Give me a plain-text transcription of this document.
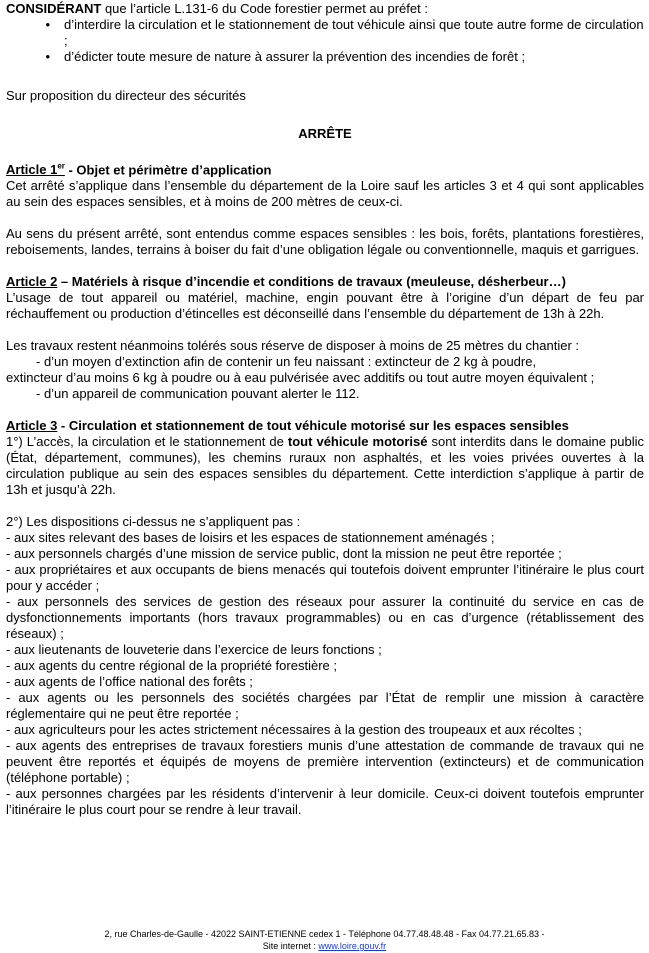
CONSIDÉRANT que l’article L.131-6 du Code forestier permet au préfet :

•	d’interdire la circulation et le stationnement de tout véhicule ainsi que toute autre forme de circulation ;
•	d’édicter toute mesure de nature à assurer la prévention des incendies de forêt ;

Sur proposition du directeur des sécurités

ARRÊTE

Article 1er - Objet et périmètre d’application

Cet arrêté s’applique dans l’ensemble du département de la Loire sauf les articles 3 et 4 qui sont applicables au sein des espaces sensibles, et à moins de 200 mètres de ceux-ci.

Au sens du présent arrêté, sont entendus comme espaces sensibles : les bois, forêts, plantations forestières, reboisements, landes, terrains à boiser du fait d’une obligation légale ou conventionnelle, maquis et garrigues.

Article 2 – Matériels à risque d’incendie et conditions de travaux (meuleuse, désherbeur…)

L’usage de tout appareil ou matériel, machine, engin pouvant être à l’origine d’un départ de feu par réchauffement ou production d’étincelles est déconseillé dans l’ensemble du département de 13h à 22h.

Les travaux restent néanmoins tolérés sous réserve de disposer à moins de 25 mètres du chantier :

- d’un moyen d’extinction afin de contenir un feu naissant : extincteur de 2 kg à poudre,

extincteur d’au moins 6 kg à poudre ou à eau pulvérisée avec additifs ou tout autre moyen équivalent ;

- d’un appareil de communication pouvant alerter le 112.

Article 3 - Circulation et stationnement de tout véhicule motorisé sur les espaces sensibles

1°) L’accès, la circulation et le stationnement de tout véhicule motorisé sont interdits dans le domaine public (État, département, communes), les chemins ruraux non asphaltés, et les voies privées ouvertes à la circulation publique au sein des espaces sensibles du département. Cette interdiction s’applique à partir de 13h et jusqu’à 22h.

2°) Les dispositions ci-dessus ne s’appliquent pas :

- aux sites relevant des bases de loisirs et les espaces de stationnement aménagés ;

- aux personnels chargés d’une mission de service public, dont la mission ne peut être reportée ;

- aux propriétaires et aux occupants de biens menacés qui toutefois doivent emprunter l’itinéraire le plus court pour y accéder ;

- aux personnels des services de gestion des réseaux pour assurer la continuité du service en cas de dysfonctionnements importants (hors travaux programmables) ou en cas d’urgence (rétablissement des réseaux) ;

- aux lieutenants de louveterie dans l’exercice de leurs fonctions ;

- aux agents du centre régional de la propriété forestière ;

- aux agents de l’office national des forêts ;

- aux agents ou les personnels des sociétés chargées par l’État de remplir une mission à caractère réglementaire qui ne peut être reportée ;

- aux agriculteurs pour les actes strictement nécessaires à la gestion des troupeaux et aux récoltes ;

- aux agents des entreprises de travaux forestiers munis d’une attestation de commande de travaux qui ne peuvent être reportés et équipés de moyens de première intervention (extincteurs) et de communication (téléphone portable) ;

- aux personnes chargées par les résidents d’intervenir à leur domicile. Ceux-ci doivent toutefois emprunter l’itinéraire le plus court pour se rendre à leur travail.

2, rue Charles-de-Gaulle - 42022 SAINT-ETIENNE cedex 1 - Téléphone 04.77.48.48.48 - Fax 04.77.21.65.83 -
Site internet : www.loire.gouv.fr
